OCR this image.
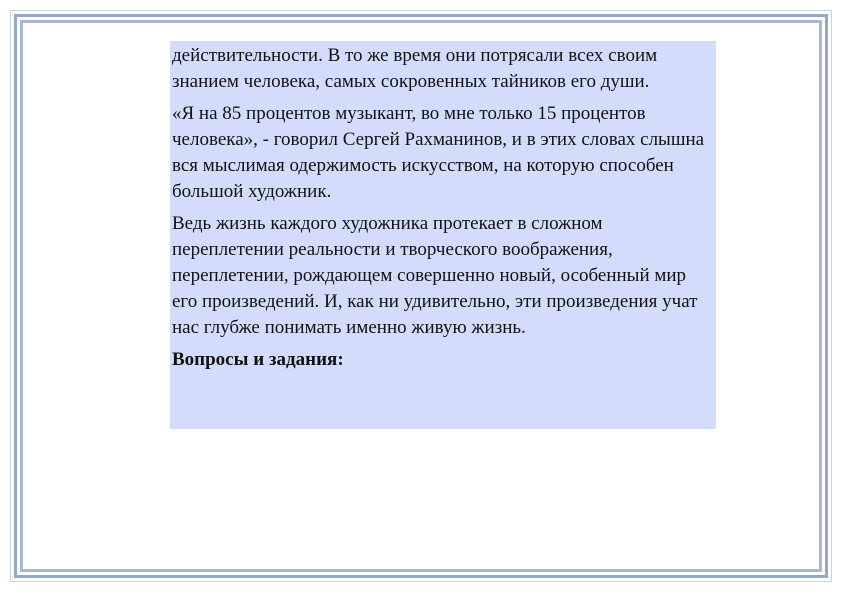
действительности. В то же время они потрясали всех своим знанием человека, самых сокровенных тайников его души.

«Я на 85 процентов музыкант, во мне только 15 процентов человека», - говорил Сергей Рахманинов, и в этих словах слышна вся мыслимая одержимость искусством, на которую способен большой художник.

Ведь жизнь каждого художника протекает в сложном переплетении реальности и творческого воображения, переплетении, рождающем совершенно новый, особенный мир его произведений. И, как ни удивительно, эти произведения учат нас глубже понимать именно живую жизнь.

Вопросы и задания:
